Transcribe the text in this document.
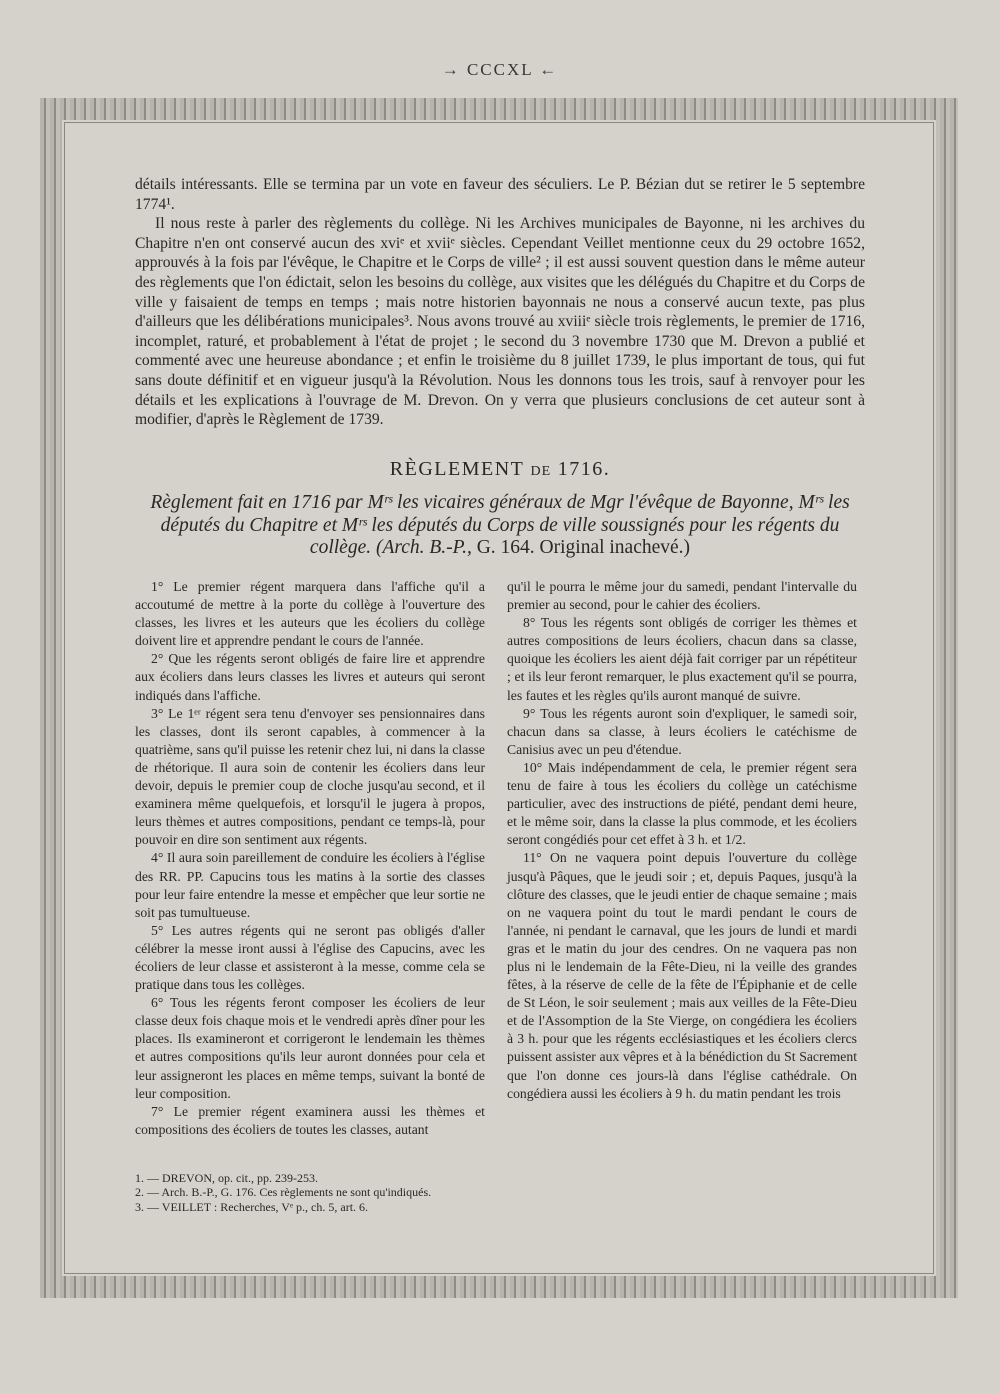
→ CCCXL ←

détails intéressants. Elle se termina par un vote en faveur des séculiers. Le P. Bézian dut se retirer le 5 septembre 1774¹.

Il nous reste à parler des règlements du collège. Ni les Archives municipales de Bayonne, ni les archives du Chapitre n'en ont conservé aucun des xviᵉ et xviiᵉ siècles. Cependant Veillet mentionne ceux du 29 octobre 1652, approuvés à la fois par l'évêque, le Chapitre et le Corps de ville² ; il est aussi souvent question dans le même auteur des règlements que l'on édictait, selon les besoins du collège, aux visites que les délégués du Chapitre et du Corps de ville y faisaient de temps en temps ; mais notre historien bayonnais ne nous a conservé aucun texte, pas plus d'ailleurs que les délibérations municipales³. Nous avons trouvé au xviiiᵉ siècle trois règlements, le premier de 1716, incomplet, raturé, et probablement à l'état de projet ; le second du 3 novembre 1730 que M. Drevon a publié et commenté avec une heureuse abondance ; et enfin le troisième du 8 juillet 1739, le plus important de tous, qui fut sans doute définitif et en vigueur jusqu'à la Révolution. Nous les donnons tous les trois, sauf à renvoyer pour les détails et les explications à l'ouvrage de M. Drevon. On y verra que plusieurs conclusions de cet auteur sont à modifier, d'après le Règlement de 1739.

RÈGLEMENT DE 1716.
Règlement fait en 1716 par Mʳˢ les vicaires généraux de Mgr l'évêque de Bayonne, Mʳˢ les députés du Chapitre et Mʳˢ les députés du Corps de ville soussignés pour les régents du collège. (Arch. B.-P., G. 164. Original inachevé.)

1° Le premier régent marquera dans l'affiche qu'il a accoutumé de mettre à la porte du collège à l'ouverture des classes, les livres et les auteurs que les écoliers du collège doivent lire et apprendre pendant le cours de l'année.

2° Que les régents seront obligés de faire lire et apprendre aux écoliers dans leurs classes les livres et auteurs qui seront indiqués dans l'affiche.

3° Le 1ᵉʳ régent sera tenu d'envoyer ses pensionnaires dans les classes, dont ils seront capables, à commencer à la quatrième, sans qu'il puisse les retenir chez lui, ni dans la classe de rhétorique. Il aura soin de contenir les écoliers dans leur devoir, depuis le premier coup de cloche jusqu'au second, et il examinera même quelquefois, et lorsqu'il le jugera à propos, leurs thèmes et autres compositions, pendant ce temps-là, pour pouvoir en dire son sentiment aux régents.

4° Il aura soin pareillement de conduire les écoliers à l'église des RR. PP. Capucins tous les matins à la sortie des classes pour leur faire entendre la messe et empêcher que leur sortie ne soit pas tumultueuse.

5° Les autres régents qui ne seront pas obligés d'aller célébrer la messe iront aussi à l'église des Capucins, avec les écoliers de leur classe et assisteront à la messe, comme cela se pratique dans tous les collèges.

6° Tous les régents feront composer les écoliers de leur classe deux fois chaque mois et le vendredi après dîner pour les places. Ils examineront et corrigeront le lendemain les thèmes et autres compositions qu'ils leur auront données pour cela et leur assigneront les places en même temps, suivant la bonté de leur composition.

7° Le premier régent examinera aussi les thèmes et compositions des écoliers de toutes les classes, autant

qu'il le pourra le même jour du samedi, pendant l'intervalle du premier au second, pour le cahier des écoliers.

8° Tous les régents sont obligés de corriger les thèmes et autres compositions de leurs écoliers, chacun dans sa classe, quoique les écoliers les aient déjà fait corriger par un répétiteur ; et ils leur feront remarquer, le plus exactement qu'il se pourra, les fautes et les règles qu'ils auront manqué de suivre.

9° Tous les régents auront soin d'expliquer, le samedi soir, chacun dans sa classe, à leurs écoliers le catéchisme de Canisius avec un peu d'étendue.

10° Mais indépendamment de cela, le premier régent sera tenu de faire à tous les écoliers du collège un catéchisme particulier, avec des instructions de piété, pendant demi heure, et le même soir, dans la classe la plus commode, et les écoliers seront congédiés pour cet effet à 3 h. et 1/2.

11° On ne vaquera point depuis l'ouverture du collège jusqu'à Pâques, que le jeudi soir ; et, depuis Paques, jusqu'à la clôture des classes, que le jeudi entier de chaque semaine ; mais on ne vaquera point du tout le mardi pendant le cours de l'année, ni pendant le carnaval, que les jours de lundi et mardi gras et le matin du jour des cendres. On ne vaquera pas non plus ni le lendemain de la Fête-Dieu, ni la veille des grandes fêtes, à la réserve de celle de la fête de l'Épiphanie et de celle de St Léon, le soir seulement ; mais aux veilles de la Fête-Dieu et de l'Assomption de la Ste Vierge, on congédiera les écoliers à 3 h. pour que les régents ecclésiastiques et les écoliers clercs puissent assister aux vêpres et à la bénédiction du St Sacrement que l'on donne ces jours-là dans l'église cathédrale. On congédiera aussi les écoliers à 9 h. du matin pendant les trois

1. — DREVON, op. cit., pp. 239-253.
2. — Arch. B.-P., G. 176. Ces règlements ne sont qu'indiqués.
3. — VEILLET : Recherches, Vᵉ p., ch. 5, art. 6.
